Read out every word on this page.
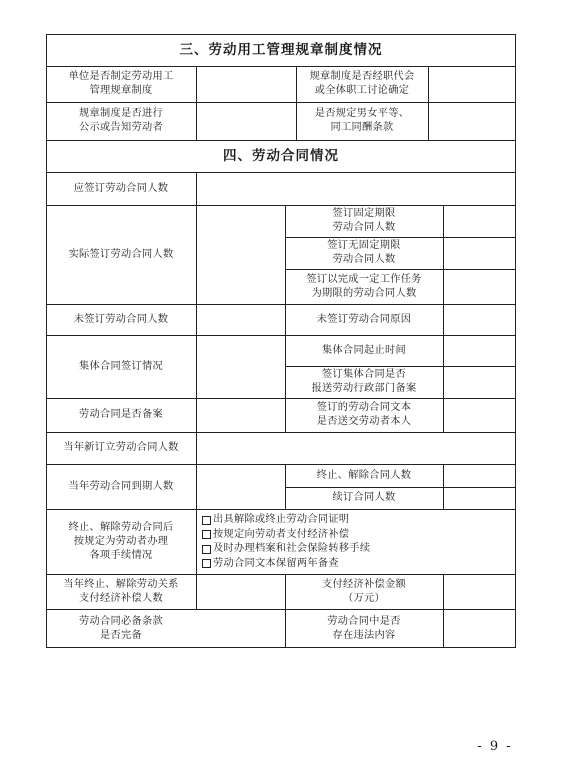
三、劳动用工管理规章制度情况
单位是否制定劳动用工
管理规章制度
规章制度是否经职代会
或全体职工讨论确定
规章制度是否进行
公示或告知劳动者
是否规定男女平等、
同工同酬条款
四、劳动合同情况
应签订劳动合同人数
实际签订劳动合同人数
签订固定期限
劳动合同人数
签订无固定期限
劳动合同人数
签订以完成一定工作任务
为期限的劳动合同人数
未签订劳动合同人数	未签订劳动合同原因
集体合同签订情况
集体合同起止时间
签订集体合同是否
报送劳动行政部门备案
劳动合同是否备案
签订的劳动合同文本
是否送交劳动者本人
当年新订立劳动合同人数
当年劳动合同到期人数
终止、解除合同人数
续订合同人数
终止、解除劳动合同后
按规定为劳动者办理
各项手续情况
出具解除或终止劳动合同证明
按规定向劳动者支付经济补偿
及时办理档案和社会保险转移手续
劳动合同文本保留两年备查
当年终止、解除劳动关系
支付经济补偿人数
支付经济补偿金额
（万元）
劳动合同必备条款
是否完备
劳动合同中是否
存在违法内容
- 9 -
